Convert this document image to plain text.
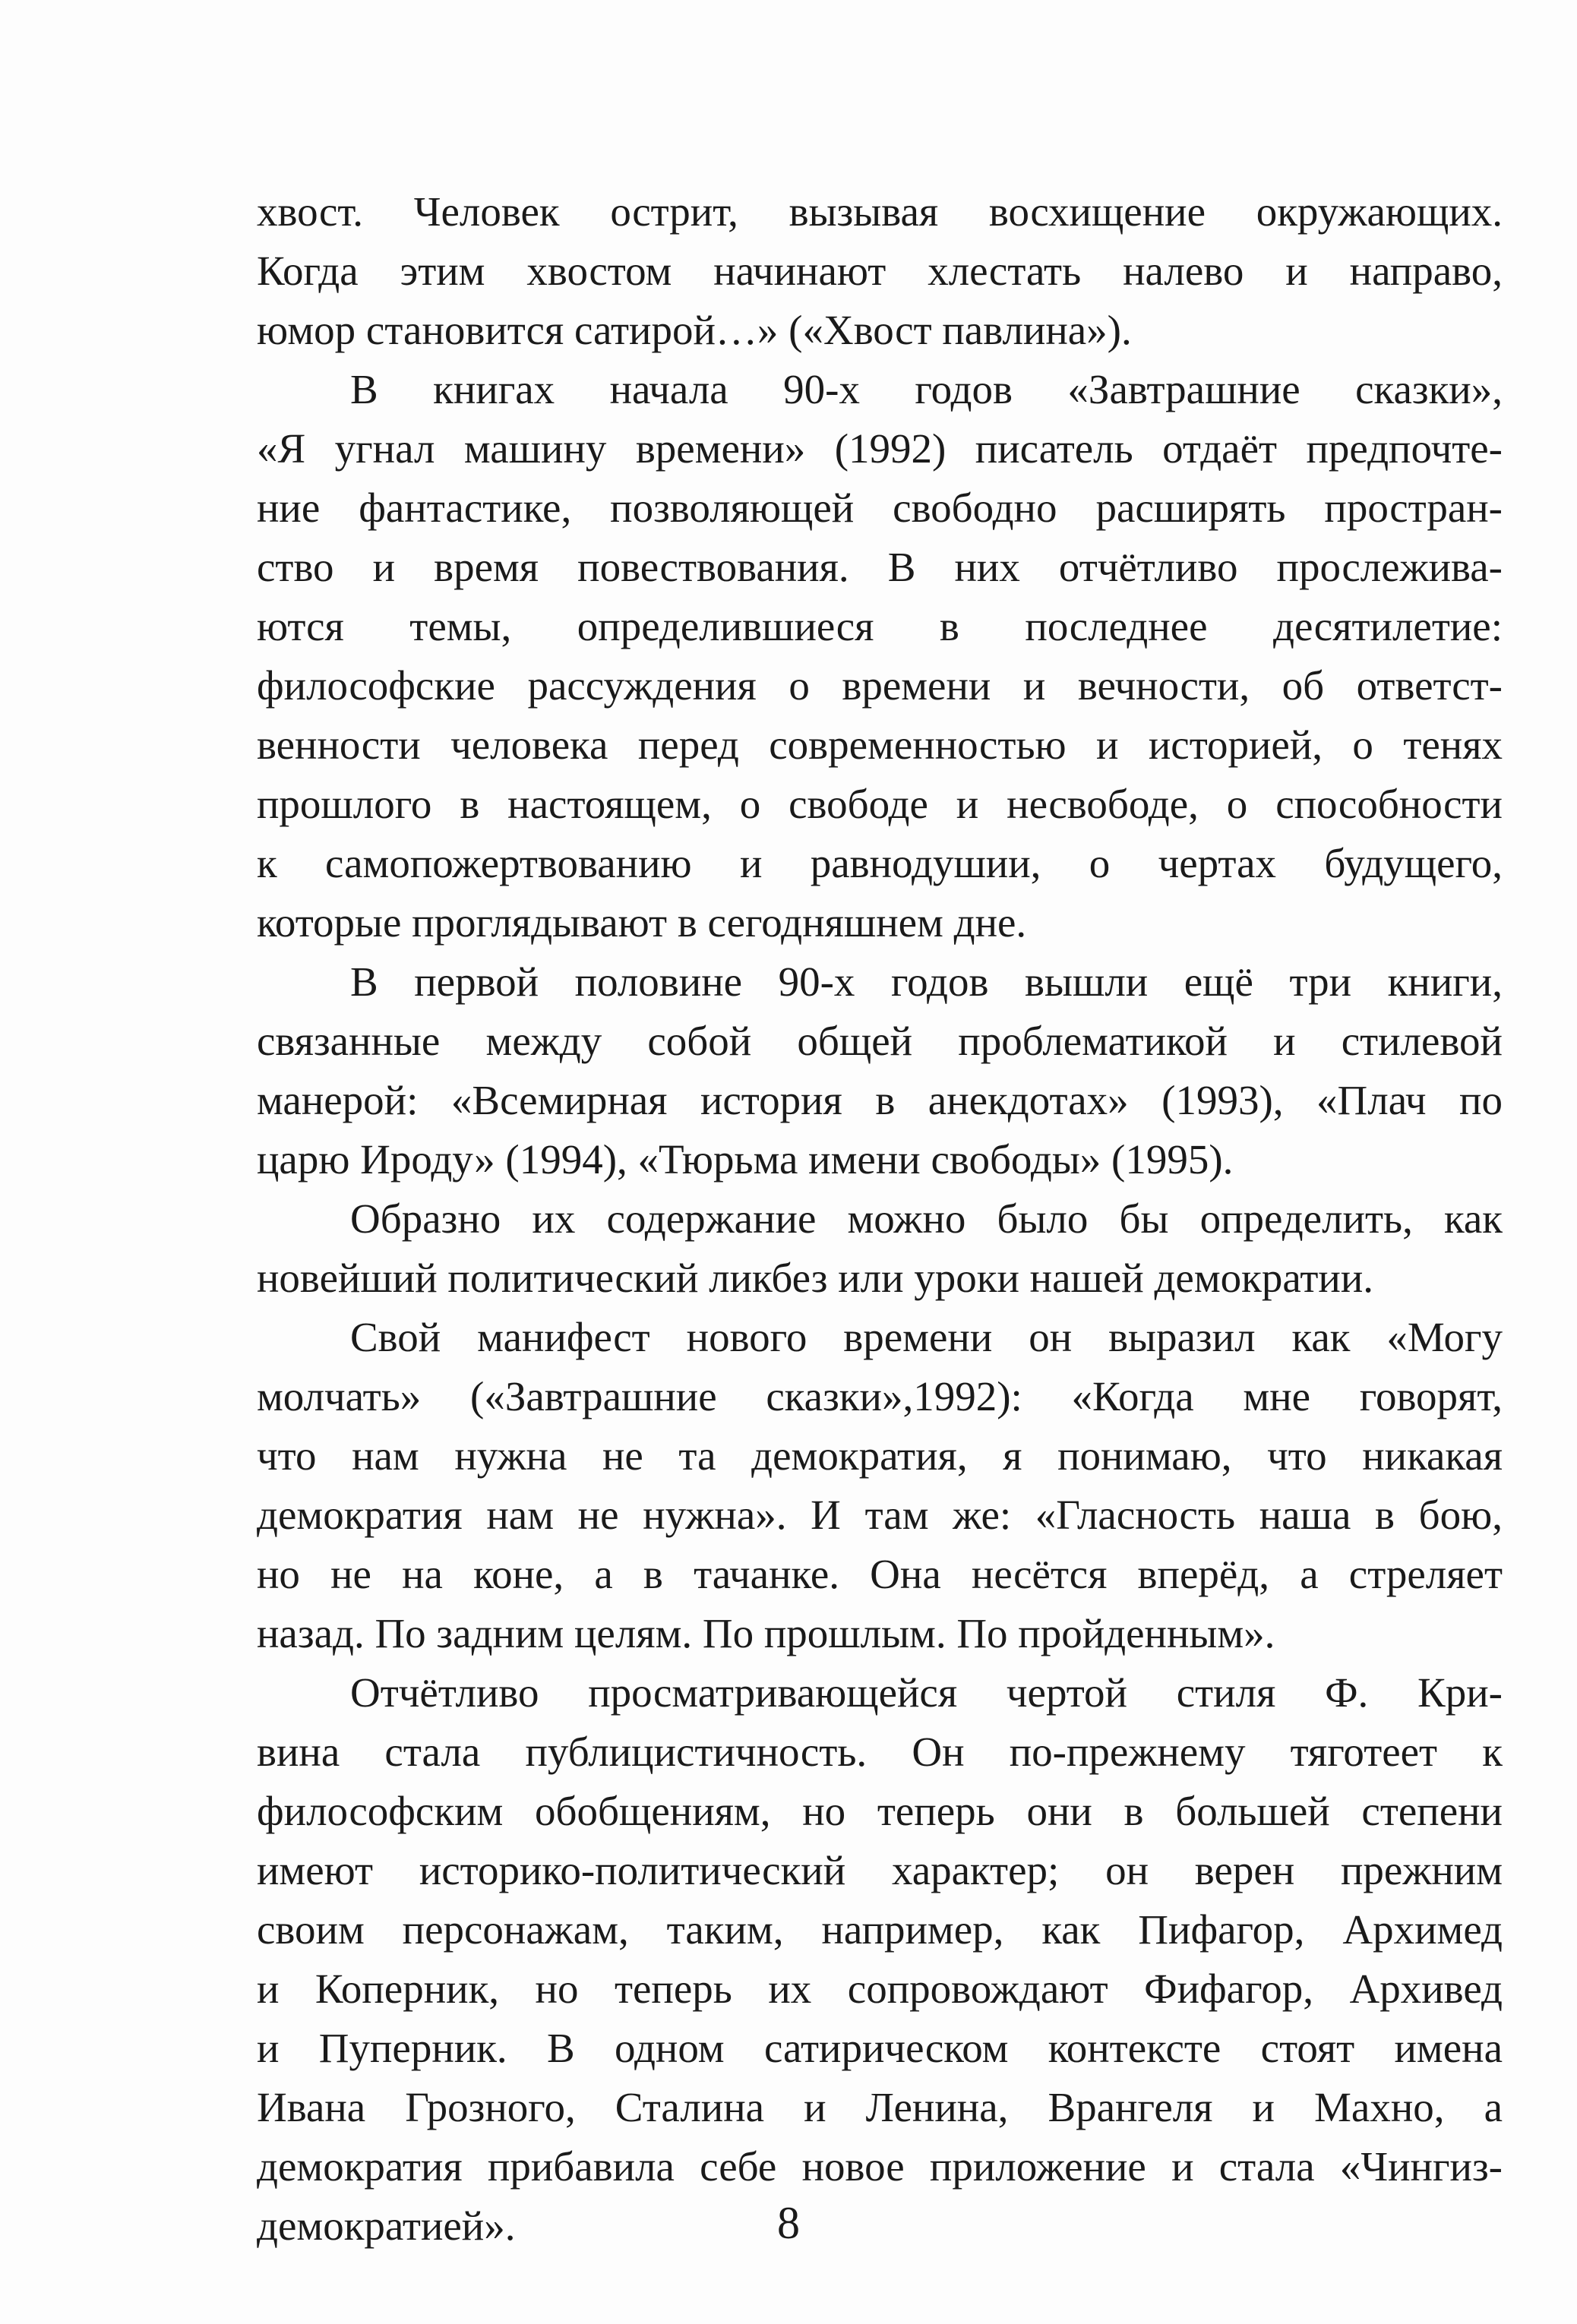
хвост. Человек острит, вызывая восхищение окружающих.
Когда этим хвостом начинают хлестать налево и направо,
юмор становится сатирой…» («Хвост павлина»).
В книгах начала 90-х годов «Завтрашние сказки»,
«Я угнал машину времени» (1992) писатель отдаёт предпочте-
ние фантастике, позволяющей свободно расширять простран-
ство и время повествования. В них отчётливо прослежива-
ются темы, определившиеся в последнее десятилетие:
философские рассуждения о времени и вечности, об ответст-
венности человека перед современностью и историей, о тенях
прошлого в настоящем, о свободе и несвободе, о способности
к самопожертвованию и равнодушии, о чертах будущего,
которые проглядывают в сегодняшнем дне.
В первой половине 90-х годов вышли ещё три книги,
связанные между собой общей проблематикой и стилевой
манерой: «Всемирная история в анекдотах» (1993), «Плач по
царю Ироду» (1994), «Тюрьма имени свободы» (1995).
Образно их содержание можно было бы определить, как
новейший политический ликбез или уроки нашей демократии.
Свой манифест нового времени он выразил как «Могу
молчать» («Завтрашние сказки»,1992): «Когда мне говорят,
что нам нужна не та демократия, я понимаю, что никакая
демократия нам не нужна». И там же: «Гласность наша в бою,
но не на коне, а в тачанке. Она несётся вперёд, а стреляет
назад. По задним целям. По прошлым. По пройденным».
Отчётливо просматривающейся чертой стиля Ф. Кри-
вина стала публицистичность. Он по-прежнему тяготеет к
философским обобщениям, но теперь они в большей степени
имеют историко-политический характер; он верен прежним
своим персонажам, таким, например, как Пифагор, Архимед
и Коперник, но теперь их сопровождают Фифагор, Архивед
и Пуперник. В одном сатирическом контексте стоят имена
Ивана Грозного, Сталина и Ленина, Врангеля и Махно, а
демократия прибавила себе новое приложение и стала «Чингиз-
демократией».	8
